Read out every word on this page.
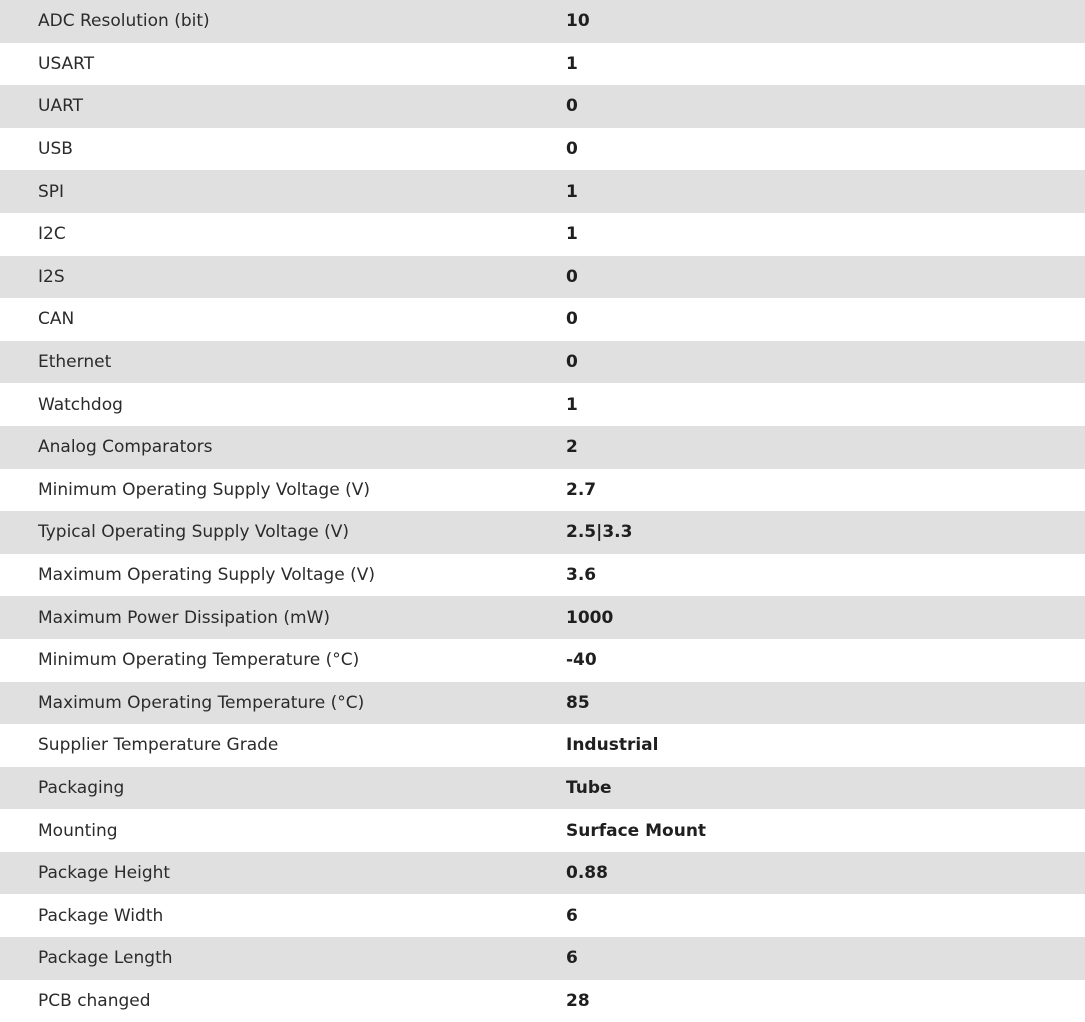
ADC Resolution (bit)	10
USART	1
UART	0
USB	0
SPI	1
I2C	1
I2S	0
CAN	0
Ethernet	0
Watchdog	1
Analog Comparators	2
Minimum Operating Supply Voltage (V)	2.7
Typical Operating Supply Voltage (V)	2.5|3.3
Maximum Operating Supply Voltage (V)	3.6
Maximum Power Dissipation (mW)	1000
Minimum Operating Temperature (°C)	-40
Maximum Operating Temperature (°C)	85
Supplier Temperature Grade	Industrial
Packaging	Tube
Mounting	Surface Mount
Package Height	0.88
Package Width	6
Package Length	6
PCB changed	28
